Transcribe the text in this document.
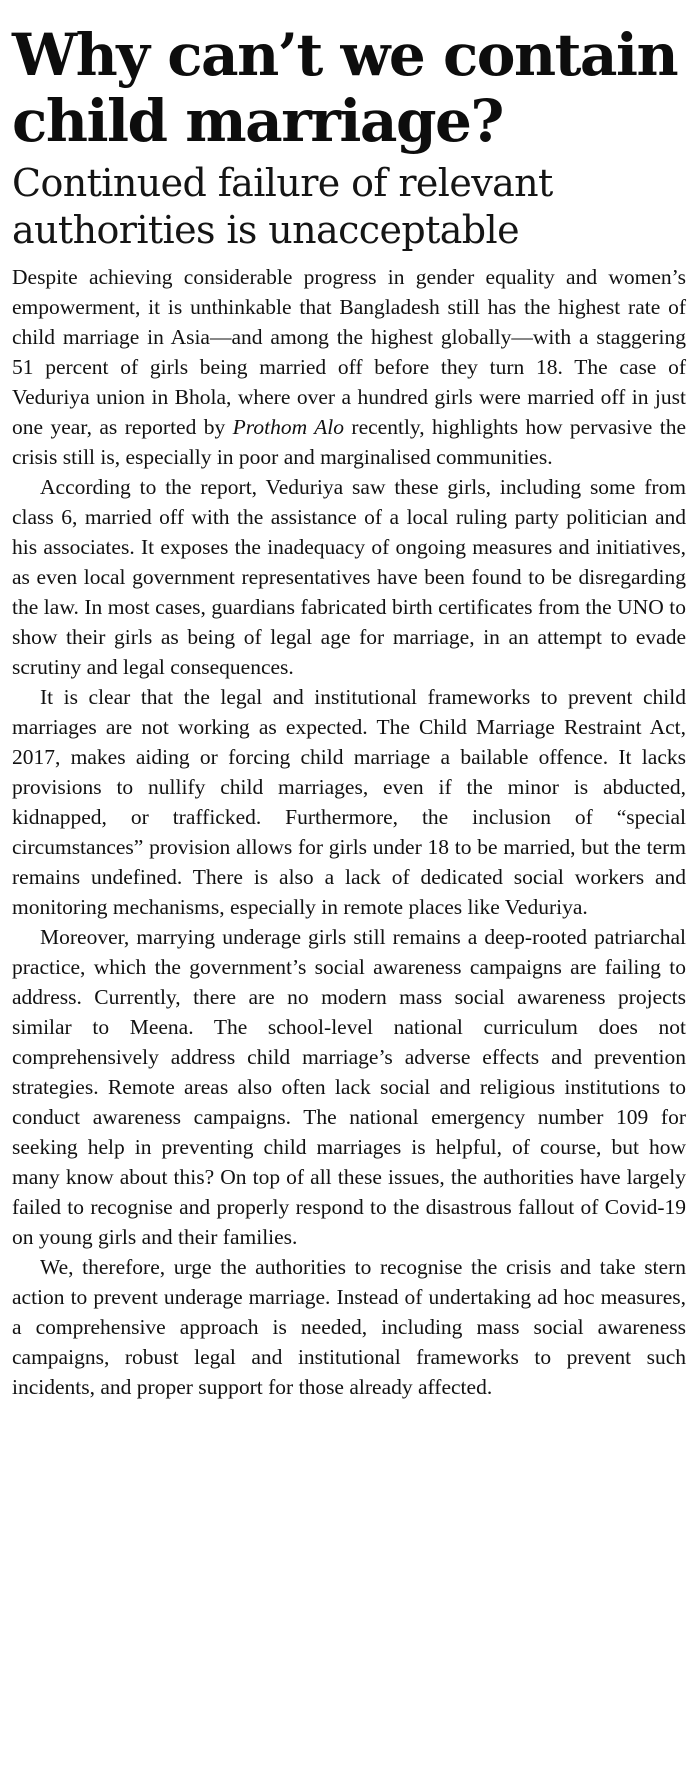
Why can’t we contain child marriage?
Continued failure of relevant authorities is unacceptable

Despite achieving considerable progress in gender equality and women’s empowerment, it is unthinkable that Bangladesh still has the highest rate of child marriage in Asia—and among the highest globally—with a staggering 51 percent of girls being married off before they turn 18. The case of Veduriya union in Bhola, where over a hundred girls were married off in just one year, as reported by Prothom Alo recently, highlights how pervasive the crisis still is, especially in poor and marginalised communities.

According to the report, Veduriya saw these girls, including some from class 6, married off with the assistance of a local ruling party politician and his associates. It exposes the inadequacy of ongoing measures and initiatives, as even local government representatives have been found to be disregarding the law. In most cases, guardians fabricated birth certificates from the UNO to show their girls as being of legal age for marriage, in an attempt to evade scrutiny and legal consequences.

It is clear that the legal and institutional frameworks to prevent child marriages are not working as expected. The Child Marriage Restraint Act, 2017, makes aiding or forcing child marriage a bailable offence. It lacks provisions to nullify child marriages, even if the minor is abducted, kidnapped, or trafficked. Furthermore, the inclusion of “special circumstances” provision allows for girls under 18 to be married, but the term remains undefined. There is also a lack of dedicated social workers and monitoring mechanisms, especially in remote places like Veduriya.

Moreover, marrying underage girls still remains a deep-rooted patriarchal practice, which the government’s social awareness campaigns are failing to address. Currently, there are no modern mass social awareness projects similar to Meena. The school-level national curriculum does not comprehensively address child marriage’s adverse effects and prevention strategies. Remote areas also often lack social and religious institutions to conduct awareness campaigns. The national emergency number 109 for seeking help in preventing child marriages is helpful, of course, but how many know about this? On top of all these issues, the authorities have largely failed to recognise and properly respond to the disastrous fallout of Covid-19 on young girls and their families.

We, therefore, urge the authorities to recognise the crisis and take stern action to prevent underage marriage. Instead of undertaking ad hoc measures, a comprehensive approach is needed, including mass social awareness campaigns, robust legal and institutional frameworks to prevent such incidents, and proper support for those already affected.
